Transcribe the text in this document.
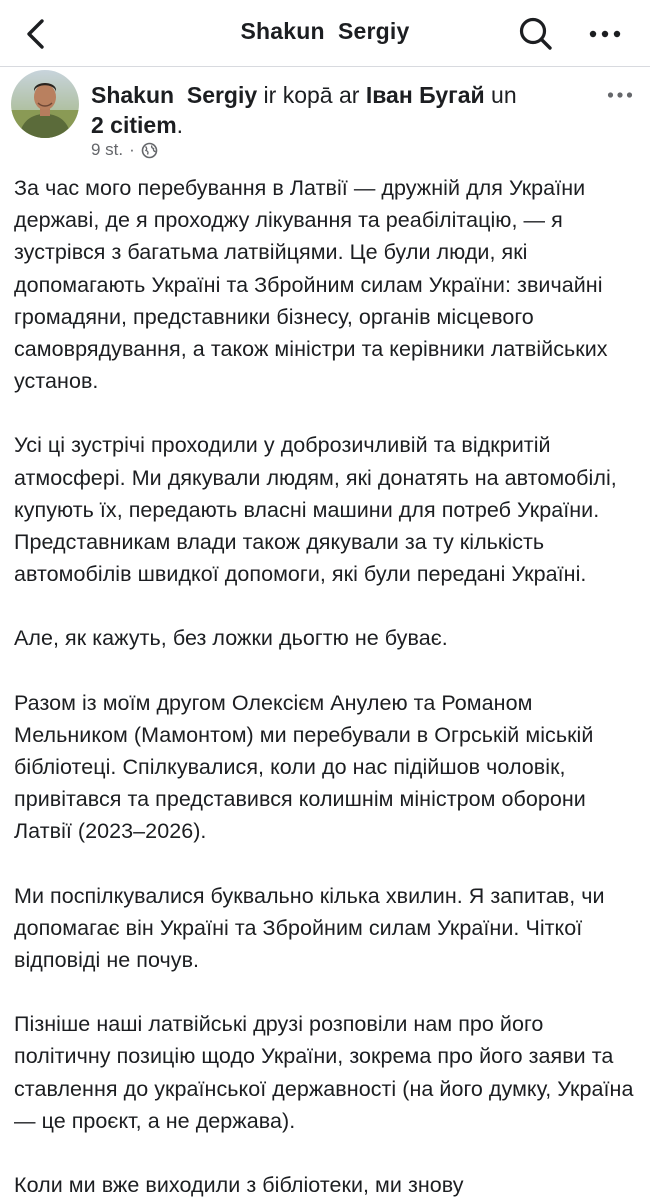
Shakun  Sergiy
Shakun  Sergiy ir kopā ar Іван Бугай un 2 citiem.
9 st. ·

За час мого перебування в Латвії — дружній для України державі, де я проходжу лікування та реабілітацію, — я зустрівся з багатьма латвійцями. Це були люди, які допомагають Україні та Збройним силам України: звичайні громадяни, представники бізнесу, органів місцевого самоврядування, а також міністри та керівники латвійських установ.

Усі ці зустрічі проходили у доброзичливій та відкритій атмосфері. Ми дякували людям, які донатять на автомобілі, купують їх, передають власні машини для потреб України. Представникам влади також дякували за ту кількість автомобілів швидкої допомоги, які були передані Україні.

Але, як кажуть, без ложки дьогтю не буває.

Разом із моїм другом Олексієм Анулею та Романом Мельником (Мамонтом) ми перебували в Огрській міській бібліотеці. Спілкувалися, коли до нас підійшов чоловік, привітався та представився колишнім міністром оборони Латвії (2023–2026).

Ми поспілкувалися буквально кілька хвилин. Я запитав, чи допомагає він Україні та Збройним силам України. Чіткої відповіді не почув.

Пізніше наші латвійські друзі розповіли нам про його політичну позицію щодо України, зокрема про його заяви та ставлення до української державності (на його думку, Україна — це проєкт, а не держава).

Коли ми вже виходили з бібліотеки, ми знову
